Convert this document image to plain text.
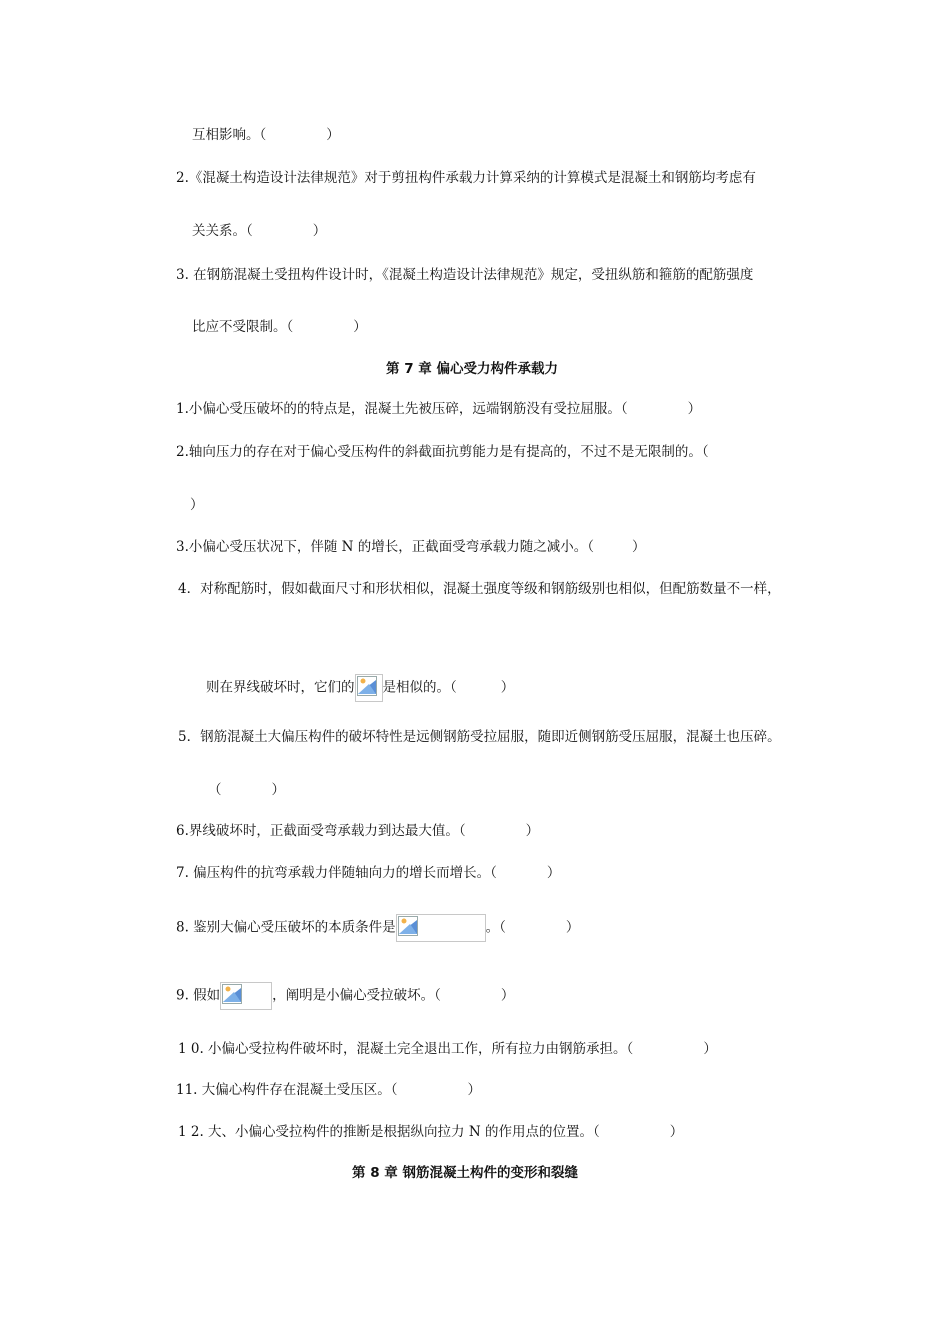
互相影响。（	）
2.《混凝土构造设计法律规范》对于剪扭构件承载力计算采纳的计算模式是混凝土和钢筋均考虑有
关关系。（	）
3. 在钢筋混凝土受扭构件设计时，《混凝土构造设计法律规范》规定，受扭纵筋和箍筋的配筋强度
比应不受限制。（	）
第 7 章 偏心受力构件承载力
1.小偏心受压破坏的的特点是，混凝土先被压碎，远端钢筋没有受拉屈服。（	）
2.轴向压力的存在对于偏心受压构件的斜截面抗剪能力是有提高的，不过不是无限制的。（
）
3.小偏心受压状况下，伴随 N 的增长，正截面受弯承载力随之减小。（	）
4．对称配筋时，假如截面尺寸和形状相似，混凝土强度等级和钢筋级别也相似，但配筋数量不一样，
则在界线破坏时，它们的 是相似的。（	）
5．钢筋混凝土大偏压构件的破坏特性是远侧钢筋受拉屈服，随即近侧钢筋受压屈服，混凝土也压碎。
（	）
6.界线破坏时，正截面受弯承载力到达最大值。（	）
7. 偏压构件的抗弯承载力伴随轴向力的增长而增长。（	）
8. 鉴别大偏心受压破坏的本质条件是	。（	）
9. 假如	，阐明是小偏心受拉破坏。（	）
1 0. 小偏心受拉构件破坏时，混凝土完全退出工作，所有拉力由钢筋承担。（	）
11. 大偏心构件存在混凝土受压区。（	）
1 2. 大、小偏心受拉构件的推断是根据纵向拉力 N 的作用点的位置。（	）
第 8 章 钢筋混凝土构件的变形和裂缝
